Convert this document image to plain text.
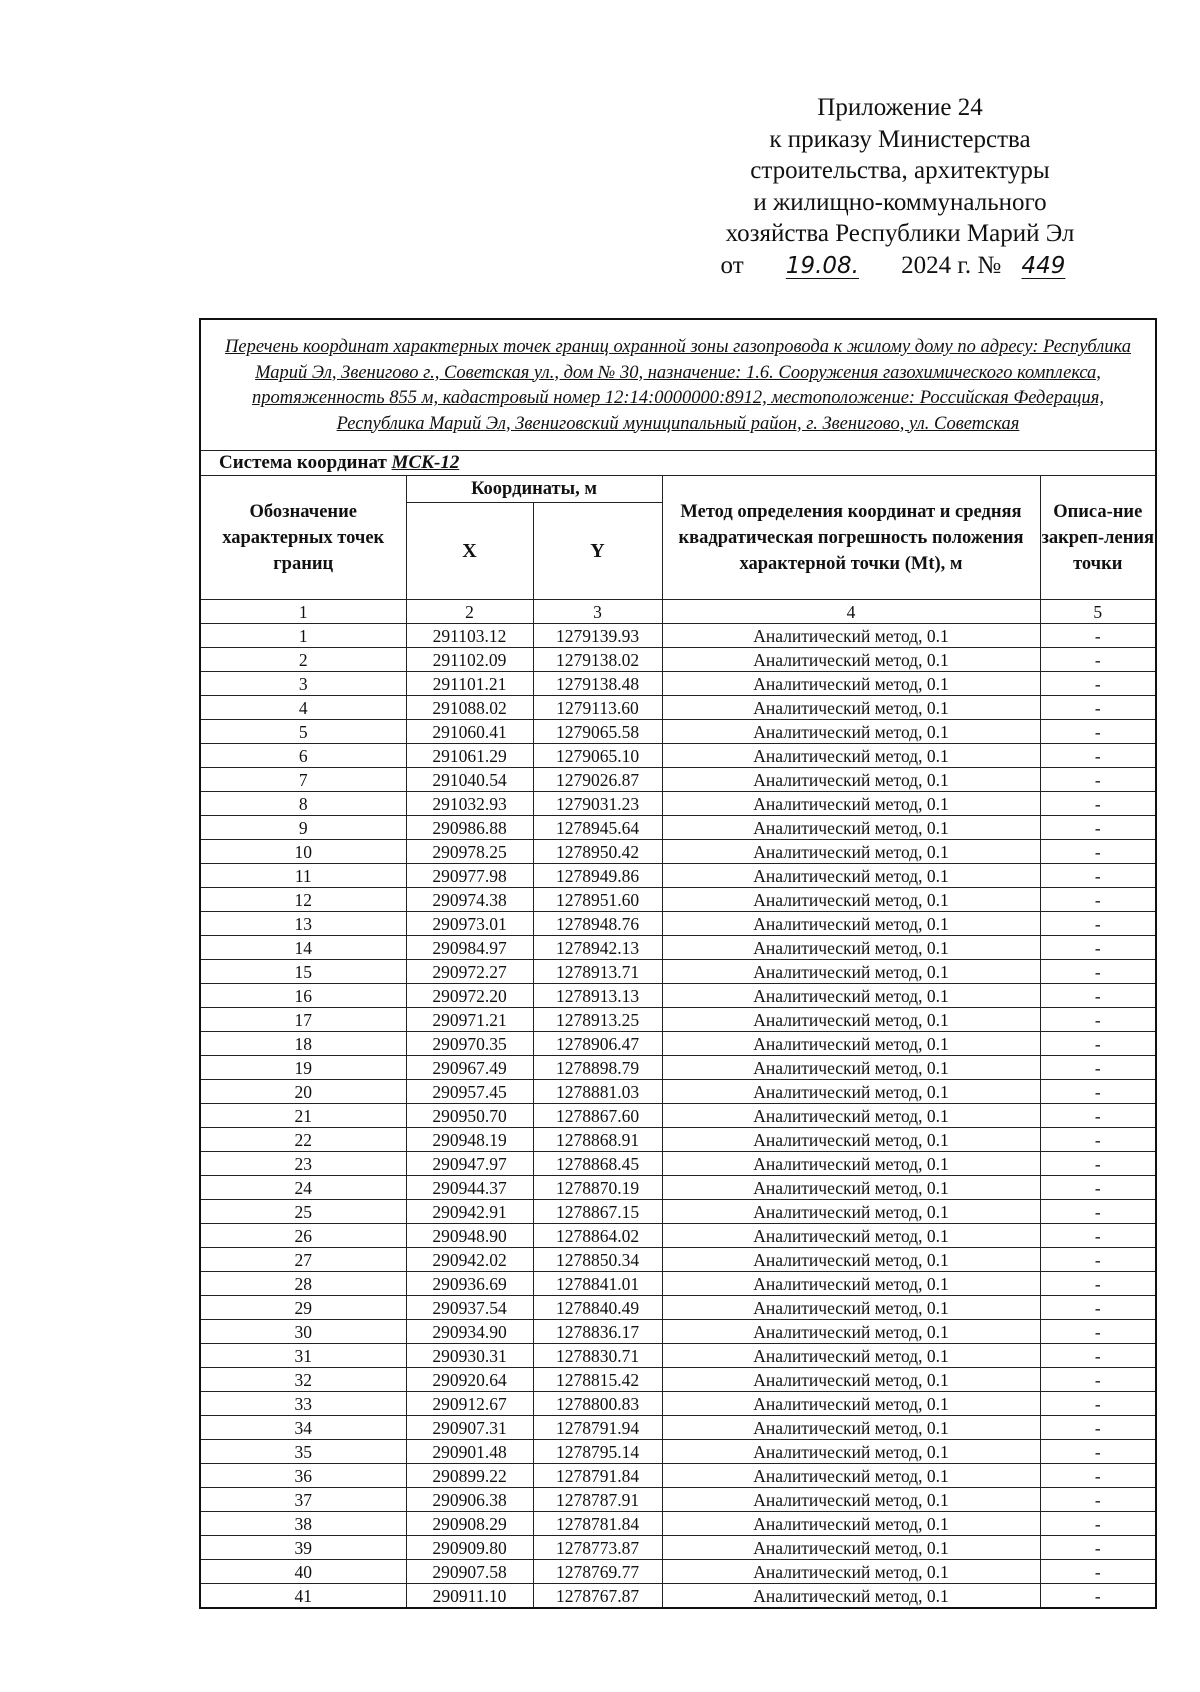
Приложение 24
к приказу Министерства
строительства, архитектуры
и жилищно-коммунального
хозяйства Республики Марий Эл
от 19.08. 2024 г. № 449
Перечень координат характерных точек границ охранной зоны газопровода к жилому дому по адресу: Республика Марий Эл, Звенигово г., Советская ул., дом № 30, назначение: 1.6. Сооружения газохимического комплекса, протяженность 855 м, кадастровый номер 12:14:0000000:8912, местоположение: Российская Федерация, Республика Марий Эл, Звениговский муниципальный район, г. Звенигово, ул. Советская				
Система координат МСК-12				
Обозначение характерных точек границ	Координаты, м		Метод определения координат и средняя квадратическая погрешность положения характерной точки (Mt), м	Описа-ние закреп-ления точки
	X	Y		
1	2	3	4	5
1	291103.12	1279139.93	Аналитический метод, 0.1	-
2	291102.09	1279138.02	Аналитический метод, 0.1	-
3	291101.21	1279138.48	Аналитический метод, 0.1	-
4	291088.02	1279113.60	Аналитический метод, 0.1	-
5	291060.41	1279065.58	Аналитический метод, 0.1	-
6	291061.29	1279065.10	Аналитический метод, 0.1	-
7	291040.54	1279026.87	Аналитический метод, 0.1	-
8	291032.93	1279031.23	Аналитический метод, 0.1	-
9	290986.88	1278945.64	Аналитический метод, 0.1	-
10	290978.25	1278950.42	Аналитический метод, 0.1	-
11	290977.98	1278949.86	Аналитический метод, 0.1	-
12	290974.38	1278951.60	Аналитический метод, 0.1	-
13	290973.01	1278948.76	Аналитический метод, 0.1	-
14	290984.97	1278942.13	Аналитический метод, 0.1	-
15	290972.27	1278913.71	Аналитический метод, 0.1	-
16	290972.20	1278913.13	Аналитический метод, 0.1	-
17	290971.21	1278913.25	Аналитический метод, 0.1	-
18	290970.35	1278906.47	Аналитический метод, 0.1	-
19	290967.49	1278898.79	Аналитический метод, 0.1	-
20	290957.45	1278881.03	Аналитический метод, 0.1	-
21	290950.70	1278867.60	Аналитический метод, 0.1	-
22	290948.19	1278868.91	Аналитический метод, 0.1	-
23	290947.97	1278868.45	Аналитический метод, 0.1	-
24	290944.37	1278870.19	Аналитический метод, 0.1	-
25	290942.91	1278867.15	Аналитический метод, 0.1	-
26	290948.90	1278864.02	Аналитический метод, 0.1	-
27	290942.02	1278850.34	Аналитический метод, 0.1	-
28	290936.69	1278841.01	Аналитический метод, 0.1	-
29	290937.54	1278840.49	Аналитический метод, 0.1	-
30	290934.90	1278836.17	Аналитический метод, 0.1	-
31	290930.31	1278830.71	Аналитический метод, 0.1	-
32	290920.64	1278815.42	Аналитический метод, 0.1	-
33	290912.67	1278800.83	Аналитический метод, 0.1	-
34	290907.31	1278791.94	Аналитический метод, 0.1	-
35	290901.48	1278795.14	Аналитический метод, 0.1	-
36	290899.22	1278791.84	Аналитический метод, 0.1	-
37	290906.38	1278787.91	Аналитический метод, 0.1	-
38	290908.29	1278781.84	Аналитический метод, 0.1	-
39	290909.80	1278773.87	Аналитический метод, 0.1	-
40	290907.58	1278769.77	Аналитический метод, 0.1	-
41	290911.10	1278767.87	Аналитический метод, 0.1	-
